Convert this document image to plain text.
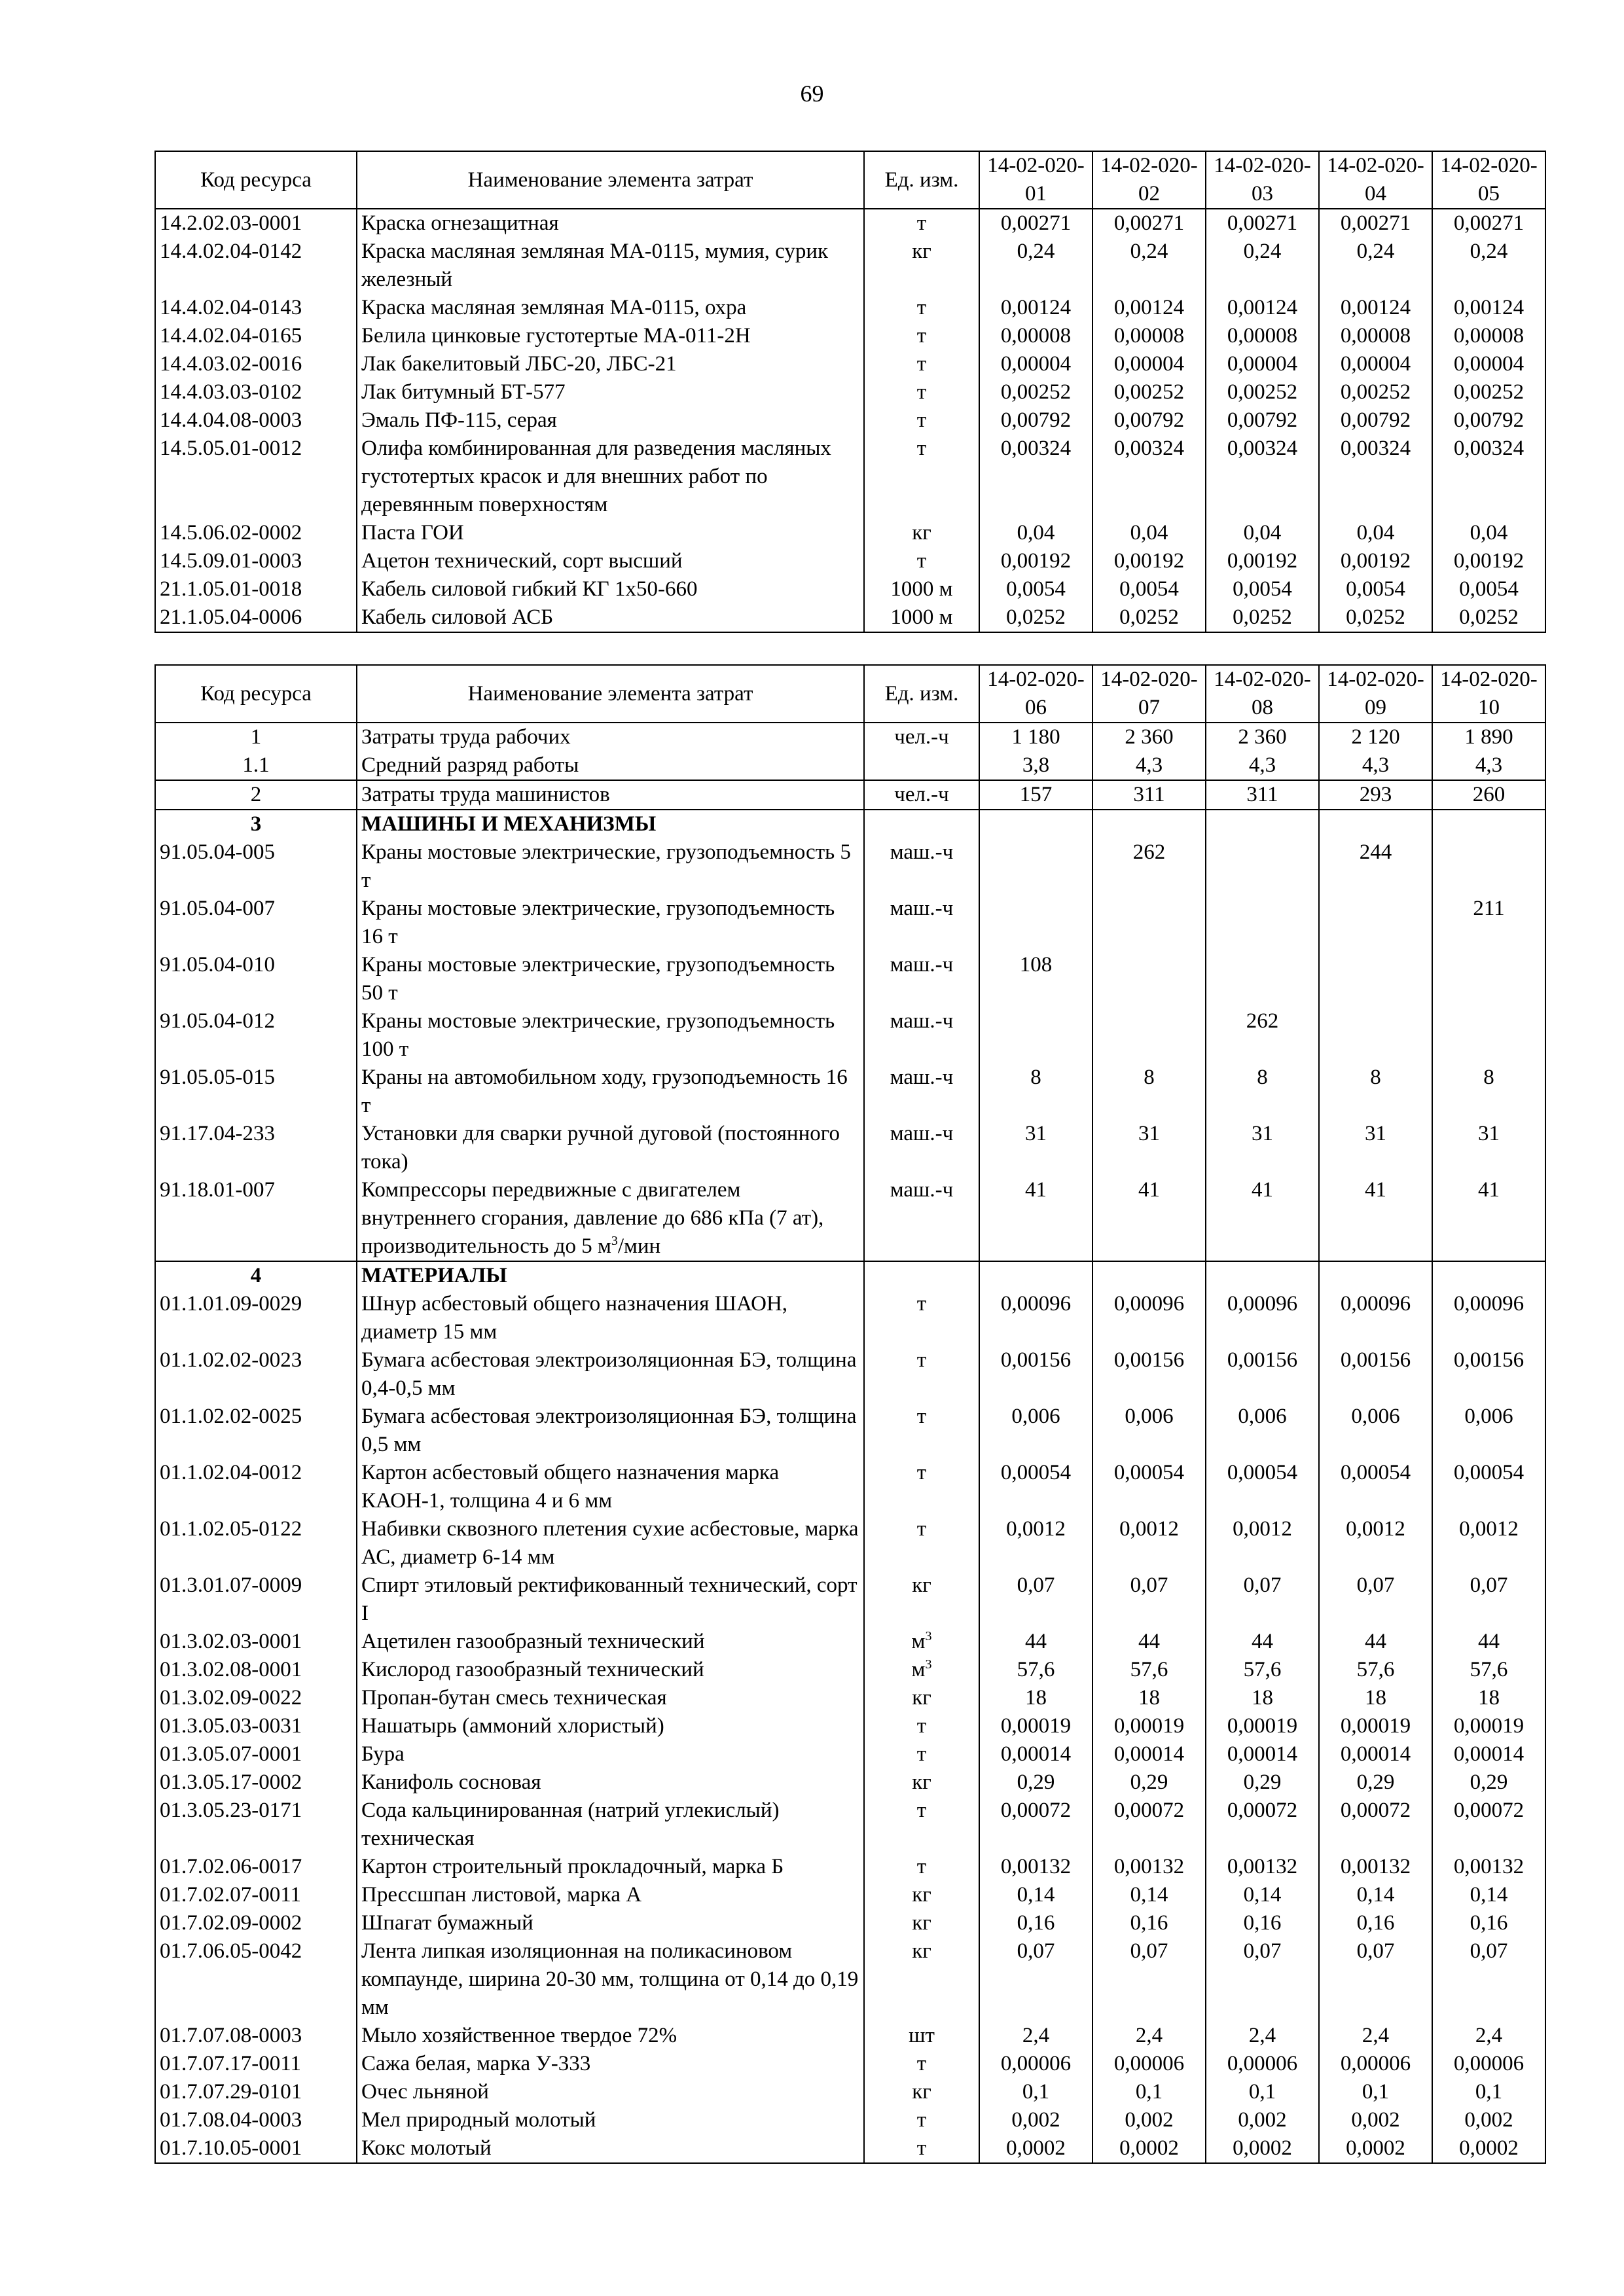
69
Код ресурса	Наименование элемента затрат	Ед. изм.	14-02-020-01	14-02-020-02	14-02-020-03	14-02-020-04	14-02-020-05
14.2.02.03-0001	Краска огнезащитная	т	0,00271	0,00271	0,00271	0,00271	0,00271
14.4.02.04-0142	Краска масляная земляная МА-0115, мумия, сурик железный	кг	0,24	0,24	0,24	0,24	0,24
14.4.02.04-0143	Краска масляная земляная МА-0115, охра	т	0,00124	0,00124	0,00124	0,00124	0,00124
14.4.02.04-0165	Белила цинковые густотертые МА-011-2Н	т	0,00008	0,00008	0,00008	0,00008	0,00008
14.4.03.02-0016	Лак бакелитовый ЛБС-20, ЛБС-21	т	0,00004	0,00004	0,00004	0,00004	0,00004
14.4.03.03-0102	Лак битумный БТ-577	т	0,00252	0,00252	0,00252	0,00252	0,00252
14.4.04.08-0003	Эмаль ПФ-115, серая	т	0,00792	0,00792	0,00792	0,00792	0,00792
14.5.05.01-0012	Олифа комбинированная для разведения масляных густотертых красок и для внешних работ по деревянным поверхностям	т	0,00324	0,00324	0,00324	0,00324	0,00324
14.5.06.02-0002	Паста ГОИ	кг	0,04	0,04	0,04	0,04	0,04
14.5.09.01-0003	Ацетон технический, сорт высший	т	0,00192	0,00192	0,00192	0,00192	0,00192
21.1.05.01-0018	Кабель силовой гибкий КГ 1х50-660	1000 м	0,0054	0,0054	0,0054	0,0054	0,0054
21.1.05.04-0006	Кабель силовой АСБ	1000 м	0,0252	0,0252	0,0252	0,0252	0,0252
Код ресурса	Наименование элемента затрат	Ед. изм.	14-02-020-06	14-02-020-07	14-02-020-08	14-02-020-09	14-02-020-10
1	Затраты труда рабочих	чел.-ч	1 180	2 360	2 360	2 120	1 890
1.1	Средний разряд работы		3,8	4,3	4,3	4,3	4,3
2	Затраты труда машинистов	чел.-ч	157	311	311	293	260
3	МАШИНЫ И МЕХАНИЗМЫ						
91.05.04-005	Краны мостовые электрические, грузоподъемность 5 т	маш.-ч		262		244	
91.05.04-007	Краны мостовые электрические, грузоподъемность 16 т	маш.-ч					211
91.05.04-010	Краны мостовые электрические, грузоподъемность 50 т	маш.-ч	108				
91.05.04-012	Краны мостовые электрические, грузоподъемность 100 т	маш.-ч			262		
91.05.05-015	Краны на автомобильном ходу, грузоподъемность 16 т	маш.-ч	8	8	8	8	8
91.17.04-233	Установки для сварки ручной дуговой (постоянного тока)	маш.-ч	31	31	31	31	31
91.18.01-007	Компрессоры передвижные с двигателем внутреннего сгорания, давление до 686 кПа (7 ат), производительность до 5 $м^3$/мин	маш.-ч	41	41	41	41	41
4	МАТЕРИАЛЫ						
01.1.01.09-0029	Шнур асбестовый общего назначения ШАОН, диаметр 15 мм	т	0,00096	0,00096	0,00096	0,00096	0,00096
01.1.02.02-0023	Бумага асбестовая электроизоляционная БЭ, толщина 0,4-0,5 мм	т	0,00156	0,00156	0,00156	0,00156	0,00156
01.1.02.02-0025	Бумага асбестовая электроизоляционная БЭ, толщина 0,5 мм	т	0,006	0,006	0,006	0,006	0,006
01.1.02.04-0012	Картон асбестовый общего назначения марка КАОН-1, толщина 4 и 6 мм	т	0,00054	0,00054	0,00054	0,00054	0,00054
01.1.02.05-0122	Набивки сквозного плетения сухие асбестовые, марка АС, диаметр 6-14 мм	т	0,0012	0,0012	0,0012	0,0012	0,0012
01.3.01.07-0009	Спирт этиловый ректификованный технический, сорт I	кг	0,07	0,07	0,07	0,07	0,07
01.3.02.03-0001	Ацетилен газообразный технический	$м^3$	44	44	44	44	44
01.3.02.08-0001	Кислород газообразный технический	$м^3$	57,6	57,6	57,6	57,6	57,6
01.3.02.09-0022	Пропан-бутан смесь техническая	кг	18	18	18	18	18
01.3.05.03-0031	Нашатырь (аммоний хлористый)	т	0,00019	0,00019	0,00019	0,00019	0,00019
01.3.05.07-0001	Бура	т	0,00014	0,00014	0,00014	0,00014	0,00014
01.3.05.17-0002	Канифоль сосновая	кг	0,29	0,29	0,29	0,29	0,29
01.3.05.23-0171	Сода кальцинированная (натрий углекислый) техническая	т	0,00072	0,00072	0,00072	0,00072	0,00072
01.7.02.06-0017	Картон строительный прокладочный, марка Б	т	0,00132	0,00132	0,00132	0,00132	0,00132
01.7.02.07-0011	Прессшпан листовой, марка А	кг	0,14	0,14	0,14	0,14	0,14
01.7.02.09-0002	Шпагат бумажный	кг	0,16	0,16	0,16	0,16	0,16
01.7.06.05-0042	Лента липкая изоляционная на поликасиновом компаунде, ширина 20-30 мм, толщина от 0,14 до 0,19 мм	кг	0,07	0,07	0,07	0,07	0,07
01.7.07.08-0003	Мыло хозяйственное твердое 72%	шт	2,4	2,4	2,4	2,4	2,4
01.7.07.17-0011	Сажа белая, марка У-333	т	0,00006	0,00006	0,00006	0,00006	0,00006
01.7.07.29-0101	Очес льняной	кг	0,1	0,1	0,1	0,1	0,1
01.7.08.04-0003	Мел природный молотый	т	0,002	0,002	0,002	0,002	0,002
01.7.10.05-0001	Кокс молотый	т	0,0002	0,0002	0,0002	0,0002	0,0002
